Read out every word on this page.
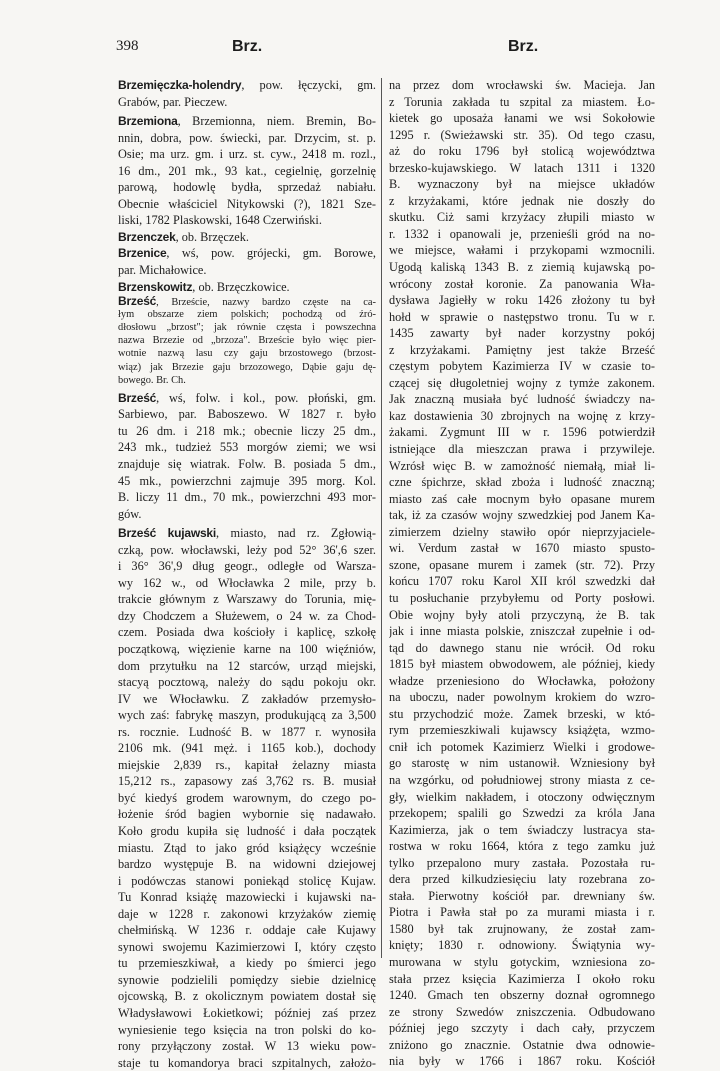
398	Brz.	Brz.
Brzemięczka-holendry, pow. łęczycki, gm.
Grabów, par. Pieczew.
Brzemiona, Brzemionna, niem. Bremin, Bo-
nnin, dobra, pow. świecki, par. Drzycim, st. p.
Osie; ma urz. gm. i urz. st. cyw., 2418 m. rozl.,
16 dm., 201 mk., 93 kat., cegielnię, gorzelnię
parową, hodowlę bydła, sprzedaż nabiału.
Obecnie właściciel Nitykowski (?), 1821 Sze-
liski, 1782 Plaskowski, 1648 Czerwiński.
Brzenczek, ob. Brzęczek.
Brzenice, wś, pow. grójecki, gm. Borowe,
par. Michałowice.
Brzenskowitz, ob. Brzęczkowice.
Brześć, Brzeście, nazwy bardzo częste na ca-
łym obszarze ziem polskich; pochodzą od źró-
dłosłowu „brzost"; jak równie częsta i powszechna
nazwa Brzezie od „brzoza". Brzeście było więc pier-
wotnie nazwą lasu czy gaju brzostowego (brzost-
wiąz) jak Brzezie gaju brzozowego, Dąbie gaju dę-
bowego. Br. Ch.
Brześć, wś, folw. i kol., pow. płoński, gm.
Sarbiewo, par. Baboszewo. W 1827 r. było
tu 26 dm. i 218 mk.; obecnie liczy 25 dm.,
243 mk., tudzież 553 morgów ziemi; we wsi
znajduje się wiatrak. Folw. B. posiada 5 dm.,
45 mk., powierzchni zajmuje 395 morg. Kol.
B. liczy 11 dm., 70 mk., powierzchni 493 mor-
gów.
Brześć kujawski, miasto, nad rz. Zgłowią-
czką, pow. włocławski, leży pod 52° 36',6 szer.
i 36° 36',9 dług geogr., odległe od Warsza-
wy 162 w., od Włocławka 2 mile, przy b.
trakcie głównym z Warszawy do Torunia, mię-
dzy Chodczem a Służewem, o 24 w. za Chod-
czem. Posiada dwa kościoły i kaplicę, szkołę
początkową, więzienie karne na 100 więźniów,
dom przytułku na 12 starców, urząd miejski,
stacyą pocztową, należy do sądu pokoju okr.
IV we Włocławku. Z zakładów przemysło-
wych zaś: fabrykę maszyn, produkującą za 3,500
rs. rocznie. Ludność B. w 1877 r. wynosiła
2106 mk. (941 męż. i 1165 kob.), dochody
miejskie 2,839 rs., kapitał żelazny miasta
15,212 rs., zapasowy zaś 3,762 rs. B. musiał
być kiedyś grodem warownym, do czego po-
łożenie śród bagien wybornie się nadawało.
Koło grodu kupiła się ludność i dała początek
miastu. Ztąd to jako gród książęcy wcześnie
bardzo występuje B. na widowni dziejowej
i podówczas stanowi poniekąd stolicę Kujaw.
Tu Konrad książę mazowiecki i kujawski na-
daje w 1228 r. zakonowi krzyżaków ziemię
chełmińską. W 1236 r. oddaje całe Kujawy
synowi swojemu Kazimierzowi I, który często
tu przemieszkiwał, a kiedy po śmierci jego
synowie podzielili pomiędzy siebie dzielnicę
ojcowską, B. z okolicznym powiatem dostał się
Władysławowi Łokietkowi; później zaś przez
wyniesienie tego księcia na tron polski do ko-
rony przyłączony został. W 13 wieku pow-
staje tu komandorya braci szpitalnych, założo-
na przez dom wrocławski św. Macieja. Jan
z Torunia zakłada tu szpital za miastem. Ło-
kietek go uposaża łanami we wsi Sokołowie
1295 r. (Swieżawski str. 35). Od tego czasu,
aż do roku 1796 był stolicą województwa
brzesko-kujawskiego. W latach 1311 i 1320
B. wyznaczony był na miejsce układów
z krzyżakami, które jednak nie doszły do
skutku. Ciż sami krzyżacy złupili miasto w
r. 1332 i opanowali je, przenieśli gród na no-
we miejsce, wałami i przykopami wzmocnili.
Ugodą kaliską 1343 B. z ziemią kujawską po-
wrócony został koronie. Za panowania Wła-
dysława Jagiełły w roku 1426 złożony tu był
hołd w sprawie o następstwo tronu. Tu w r.
1435 zawarty był nader korzystny pokój
z krzyżakami. Pamiętny jest także Brześć
częstym pobytem Kazimierza IV w czasie to-
czącej się długoletniej wojny z tymże zakonem.
Jak znaczną musiała być ludność świadczy na-
kaz dostawienia 30 zbrojnych na wojnę z krzy-
żakami. Zygmunt III w r. 1596 potwierdził
istniejące dla mieszczan prawa i przywileje.
Wzrósł więc B. w zamożność niemałą, miał li-
czne śpichrze, skład zboża i ludność znaczną;
miasto zaś całe mocnym było opasane murem
tak, iż za czasów wojny szwedzkiej pod Janem Ka-
zimierzem dzielny stawiło opór nieprzyjaciele-
wi. Verdum zastał w 1670 miasto spusto-
szone, opasane murem i zamek (str. 72). Przy
końcu 1707 roku Karol XII król szwedzki dał
tu posłuchanie przybyłemu od Porty posłowi.
Obie wojny były atoli przyczyną, że B. tak
jak i inne miasta polskie, zniszczał zupełnie i od-
tąd do dawnego stanu nie wrócił. Od roku
1815 był miastem obwodowem, ale później, kiedy
władze przeniesiono do Włocławka, położony
na uboczu, nader powolnym krokiem do wzro-
stu przychodzić może. Zamek brzeski, w któ-
rym przemieszkiwali kujawscy książęta, wzmo-
cnił ich potomek Kazimierz Wielki i grodowe-
go starostę w nim ustanowił. Wzniesiony był
na wzgórku, od południowej strony miasta z ce-
gły, wielkim nakładem, i otoczony odwięcznym
przekopem; spalili go Szwedzi za króla Jana
Kazimierza, jak o tem świadczy lustracya sta-
rostwa w roku 1664, która z tego zamku już
tylko przepalono mury zastała. Pozostała ru-
dera przed kilkudziesięciu laty rozebrana zo-
stała. Pierwotny kościół par. drewniany św.
Piotra i Pawła stał po za murami miasta i r.
1580 był tak zrujnowany, że został zam-
knięty; 1830 r. odnowiony. Świątynia wy-
murowana w stylu gotyckim, wzniesiona zo-
stała przez księcia Kazimierza I około roku
1240. Gmach ten obszerny doznał ogromnego
ze strony Szwedów zniszczenia. Odbudowano
później jego szczyty i dach cały, przyczem
zniżono go znacznie. Ostatnie dwa odnowie-
nia były w 1766 i 1867 roku. Kościół
